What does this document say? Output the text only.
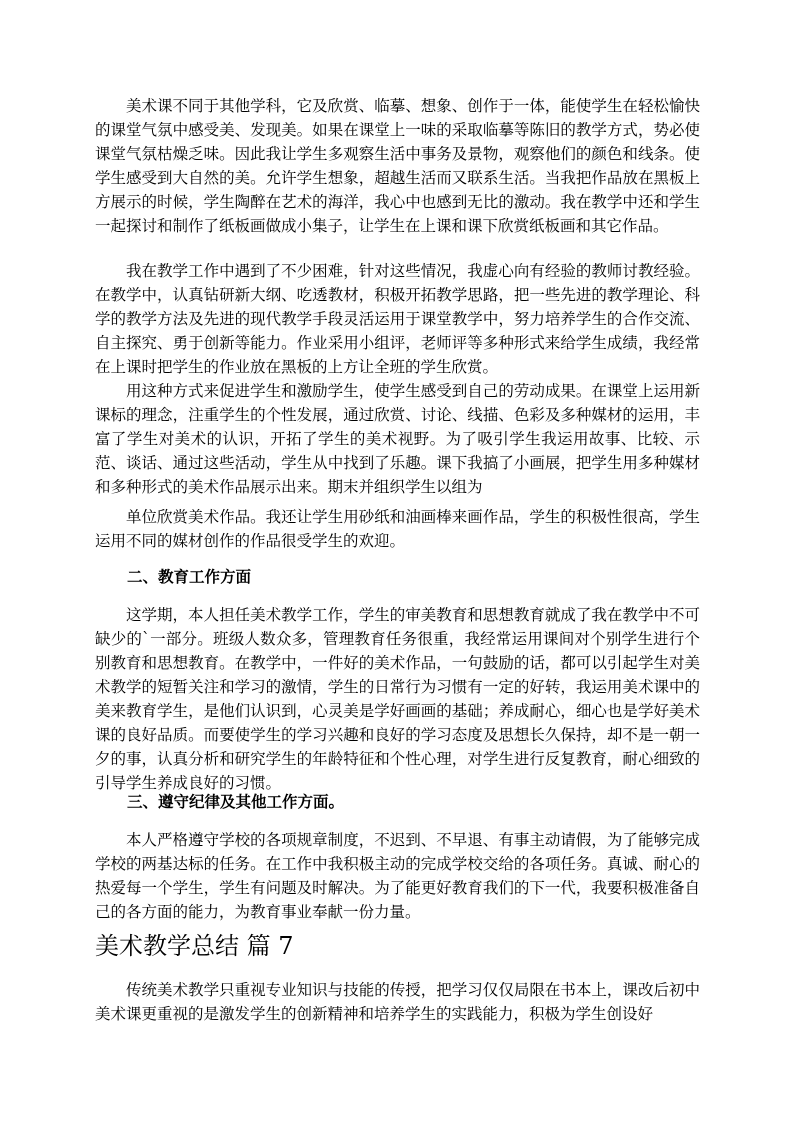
美术课不同于其他学科，它及欣赏、临摹、想象、创作于一体，能使学生在轻松愉快的课堂气氛中感受美、发现美。如果在课堂上一味的采取临摹等陈旧的教学方式，势必使课堂气氛枯燥乏味。因此我让学生多观察生活中事务及景物，观察他们的颜色和线条。使学生感受到大自然的美。允许学生想象，超越生活而又联系生活。当我把作品放在黑板上方展示的时候，学生陶醉在艺术的海洋，我心中也感到无比的激动。我在教学中还和学生一起探讨和制作了纸板画做成小集子，让学生在上课和课下欣赏纸板画和其它作品。

我在教学工作中遇到了不少困难，针对这些情况，我虚心向有经验的教师讨教经验。在教学中，认真钻研新大纲、吃透教材，积极开拓教学思路，把一些先进的教学理论、科学的教学方法及先进的现代教学手段灵活运用于课堂教学中，努力培养学生的合作交流、自主探究、勇于创新等能力。作业采用小组评，老师评等多种形式来给学生成绩，我经常在上课时把学生的作业放在黑板的上方让全班的学生欣赏。

用这种方式来促进学生和激励学生，使学生感受到自己的劳动成果。在课堂上运用新课标的理念，注重学生的个性发展，通过欣赏、讨论、线描、色彩及多种媒材的运用，丰富了学生对美术的认识，开拓了学生的美术视野。为了吸引学生我运用故事、比较、示范、谈话、通过这些活动，学生从中找到了乐趣。课下我搞了小画展，把学生用多种媒材和多种形式的美术作品展示出来。期末并组织学生以组为

单位欣赏美术作品。我还让学生用砂纸和油画棒来画作品，学生的积极性很高，学生运用不同的媒材创作的作品很受学生的欢迎。

二、教育工作方面

这学期，本人担任美术教学工作，学生的审美教育和思想教育就成了我在教学中不可缺少的`一部分。班级人数众多，管理教育任务很重，我经常运用课间对个别学生进行个别教育和思想教育。在教学中，一件好的美术作品，一句鼓励的话，都可以引起学生对美术教学的短暂关注和学习的激情，学生的日常行为习惯有一定的好转，我运用美术课中的美来教育学生，是他们认识到，心灵美是学好画画的基础；养成耐心，细心也是学好美术课的良好品质。而要使学生的学习兴趣和良好的学习态度及思想长久保持，却不是一朝一夕的事，认真分析和研究学生的年龄特征和个性心理，对学生进行反复教育，耐心细致的引导学生养成良好的习惯。

三、遵守纪律及其他工作方面。

本人严格遵守学校的各项规章制度，不迟到、不早退、有事主动请假，为了能够完成学校的两基达标的任务。在工作中我积极主动的完成学校交给的各项任务。真诚、耐心的热爱每一个学生，学生有问题及时解决。为了能更好教育我们的下一代，我要积极准备自己的各方面的能力，为教育事业奉献一份力量。

美术教学总结 篇 7

传统美术教学只重视专业知识与技能的传授，把学习仅仅局限在书本上，课改后初中美术课更重视的是激发学生的创新精神和培养学生的实践能力，积极为学生创设好
